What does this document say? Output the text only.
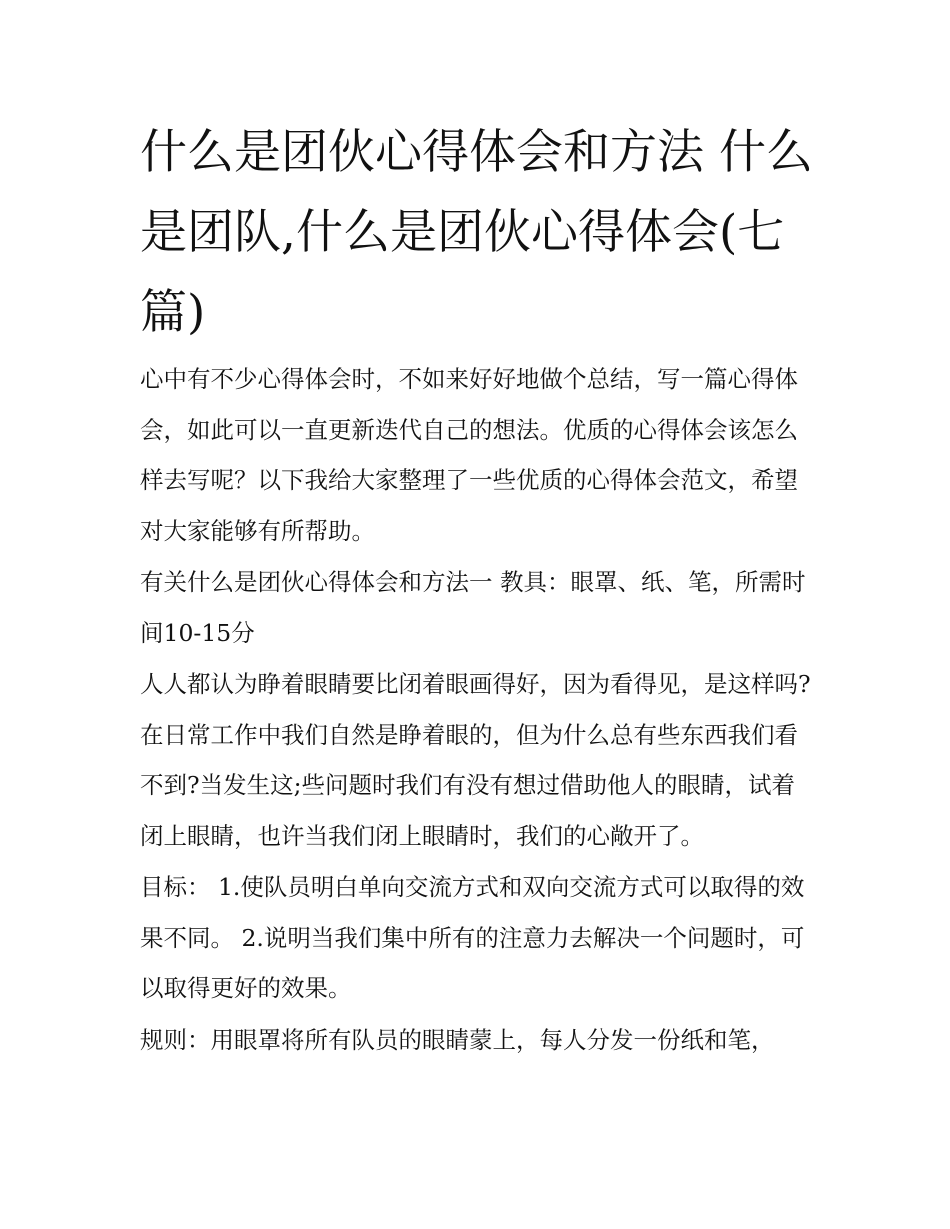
什么是团伙心得体会和方法 什么是团队,什么是团伙心得体会(七篇)

心中有不少心得体会时，不如来好好地做个总结，写一篇心得体会，如此可以一直更新迭代自己的想法。优质的心得体会该怎么样去写呢？以下我给大家整理了一些优质的心得体会范文，希望对大家能够有所帮助。

有关什么是团伙心得体会和方法一 教具：眼罩、纸、笔，所需时间10-15分

人人都认为睁着眼睛要比闭着眼画得好，因为看得见，是这样吗?在日常工作中我们自然是睁着眼的，但为什么总有些东西我们看不到?当发生这;些问题时我们有没有想过借助他人的眼睛，试着闭上眼睛，也许当我们闭上眼睛时，我们的心敞开了。

目标： 1.使队员明白单向交流方式和双向交流方式可以取得的效果不同。 2.说明当我们集中所有的注意力去解决一个问题时，可以取得更好的效果。

规则：用眼罩将所有队员的眼睛蒙上，每人分发一份纸和笔，
